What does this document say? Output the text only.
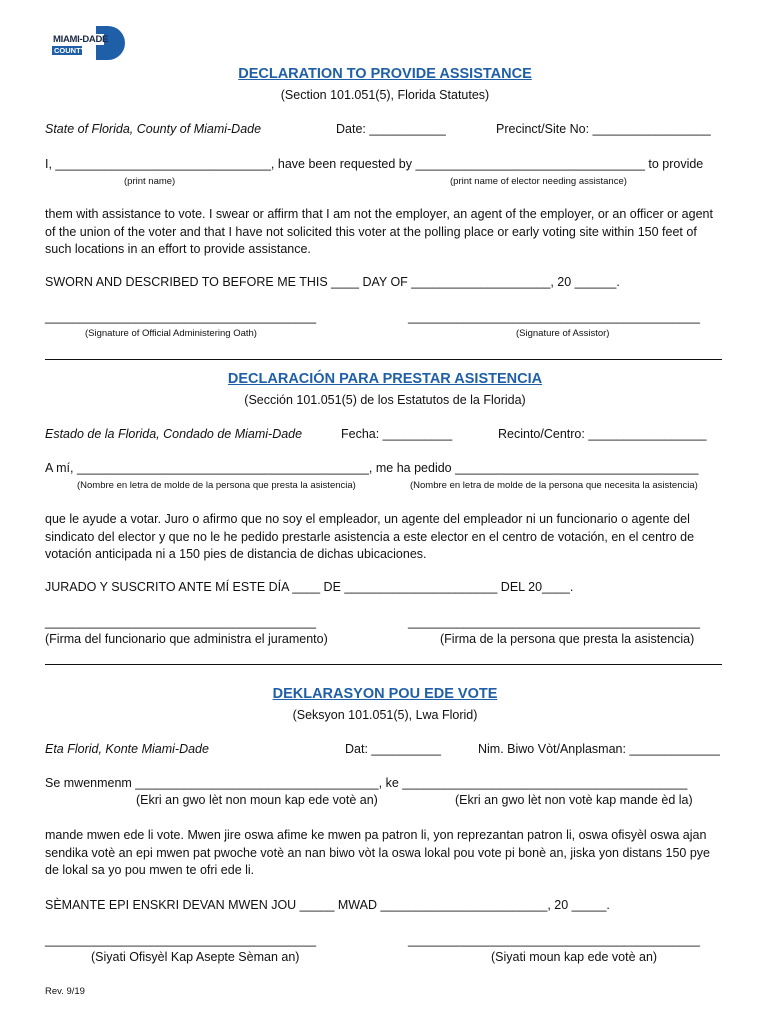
MIAMI-DADE
COUNTY
DECLARATION TO PROVIDE ASSISTANCE
(Section 101.051(5), Florida Statutes)
State of Florida, County of Miami-Dade	Date: ___________	Precinct/Site No: _________________
I, _______________________________, have been requested by _________________________________ to provide
(print name)	(print name of elector needing assistance)
them with assistance to vote. I swear or affirm that I am not the employer, an agent of the employer, or an officer or agent of the union of the voter and that I have not solicited this voter at the polling place or early voting site within 150 feet of such locations in an effort to provide assistance.
SWORN AND DESCRIBED TO BEFORE ME THIS ____ DAY OF ____________________, 20 ______.
_______________________________________	__________________________________________
(Signature of Official Administering Oath)	(Signature of Assistor)
DECLARACIÓN PARA PRESTAR ASISTENCIA
(Sección 101.051(5) de los Estatutos de la Florida)
Estado de la Florida, Condado de Miami-Dade	Fecha: __________	Recinto/Centro: _________________
A mí, __________________________________________, me ha pedido ___________________________________
(Nombre en letra de molde de la persona que presta la asistencia)	(Nombre en letra de molde de la persona que necesita la asistencia)
que le ayude a votar. Juro o afirmo que no soy el empleador, un agente del empleador ni un funcionario o agente del sindicato del elector y que no le he pedido prestarle asistencia a este elector en el centro de votación, en el centro de votación anticipada ni a 150 pies de distancia de dichas ubicaciones.
JURADO Y SUSCRITO ANTE MÍ ESTE DÍA ____ DE ______________________ DEL 20____.
_______________________________________	__________________________________________
(Firma del funcionario que administra el juramento)	(Firma de la persona que presta la asistencia)
DEKLARASYON POU EDE VOTE
(Seksyon 101.051(5), Lwa Florid)
Eta Florid, Konte Miami-Dade	Dat: __________	Nim. Biwo Vòt/Anplasman: _____________
Se mwenmenm ___________________________________, ke _________________________________________
(Ekri an gwo lèt non moun kap ede votè an)	(Ekri an gwo lèt non votè kap mande èd la)
mande mwen ede li vote. Mwen jire oswa afime ke mwen pa patron li, yon reprezantan patron li, oswa ofisyèl oswa ajan sendika votè an epi mwen pat pwoche votè an nan biwo vòt la oswa lokal pou vote pi bonè an, jiska yon distans 150 pye de lokal sa yo pou mwen te ofri ede li.
SÈMANTE EPI ENSKRI DEVAN MWEN JOU _____ MWAD ________________________, 20 _____.
_______________________________________	__________________________________________
(Siyati Ofisyèl Kap Asepte Sèman an)	(Siyati moun kap ede votè an)
Rev. 9/19
